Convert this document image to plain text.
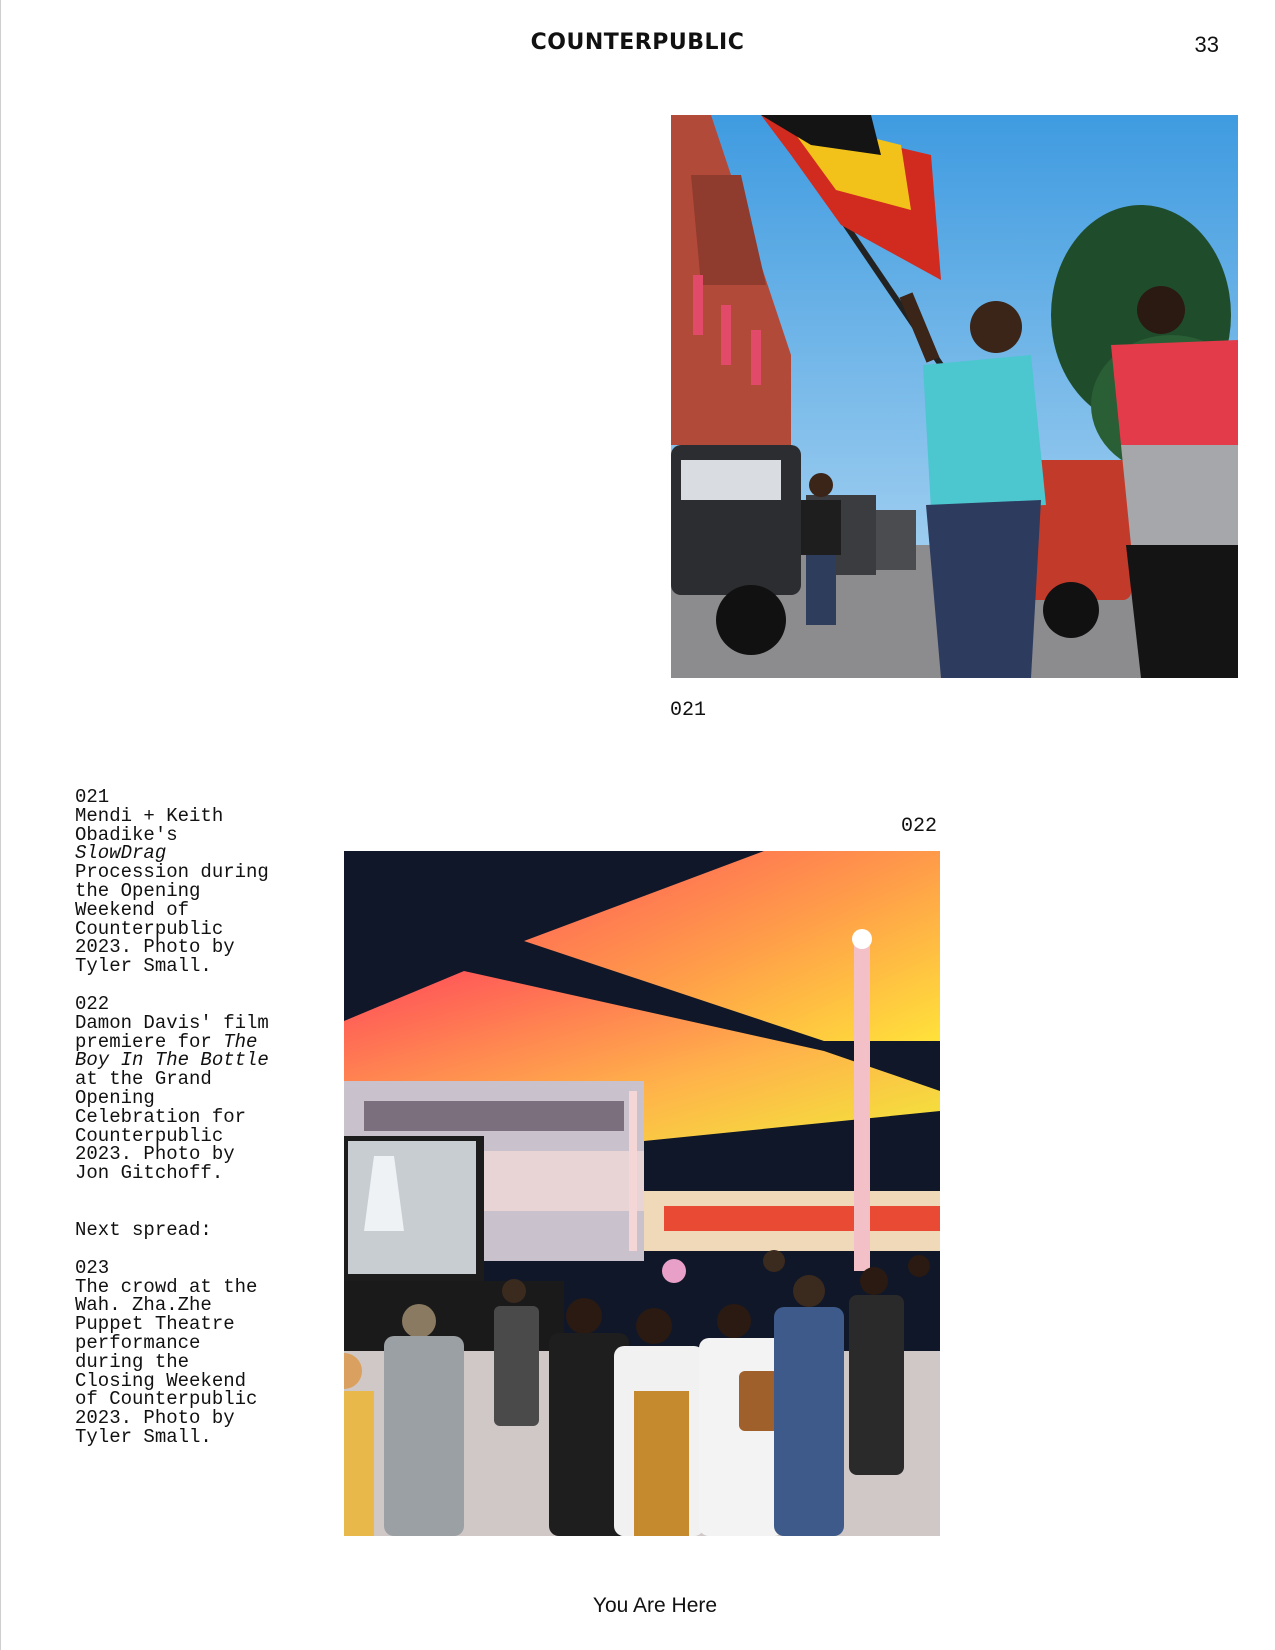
COUNTERPUBLIC	33
021
022

021

Mendi + Keith Obadike's SlowDrag Procession during the Opening Weekend of Counterpublic 2023. Photo by Tyler Small.

022

Damon Davis' film premiere for The Boy In The Bottle at the Grand Opening Celebration for Counterpublic 2023. Photo by Jon Gitchoff.

Next spread:

023

The crowd at the Wah. Zha.Zhe Puppet Theatre performance during the Closing Weekend of Counterpublic 2023. Photo by Tyler Small.

You Are Here
